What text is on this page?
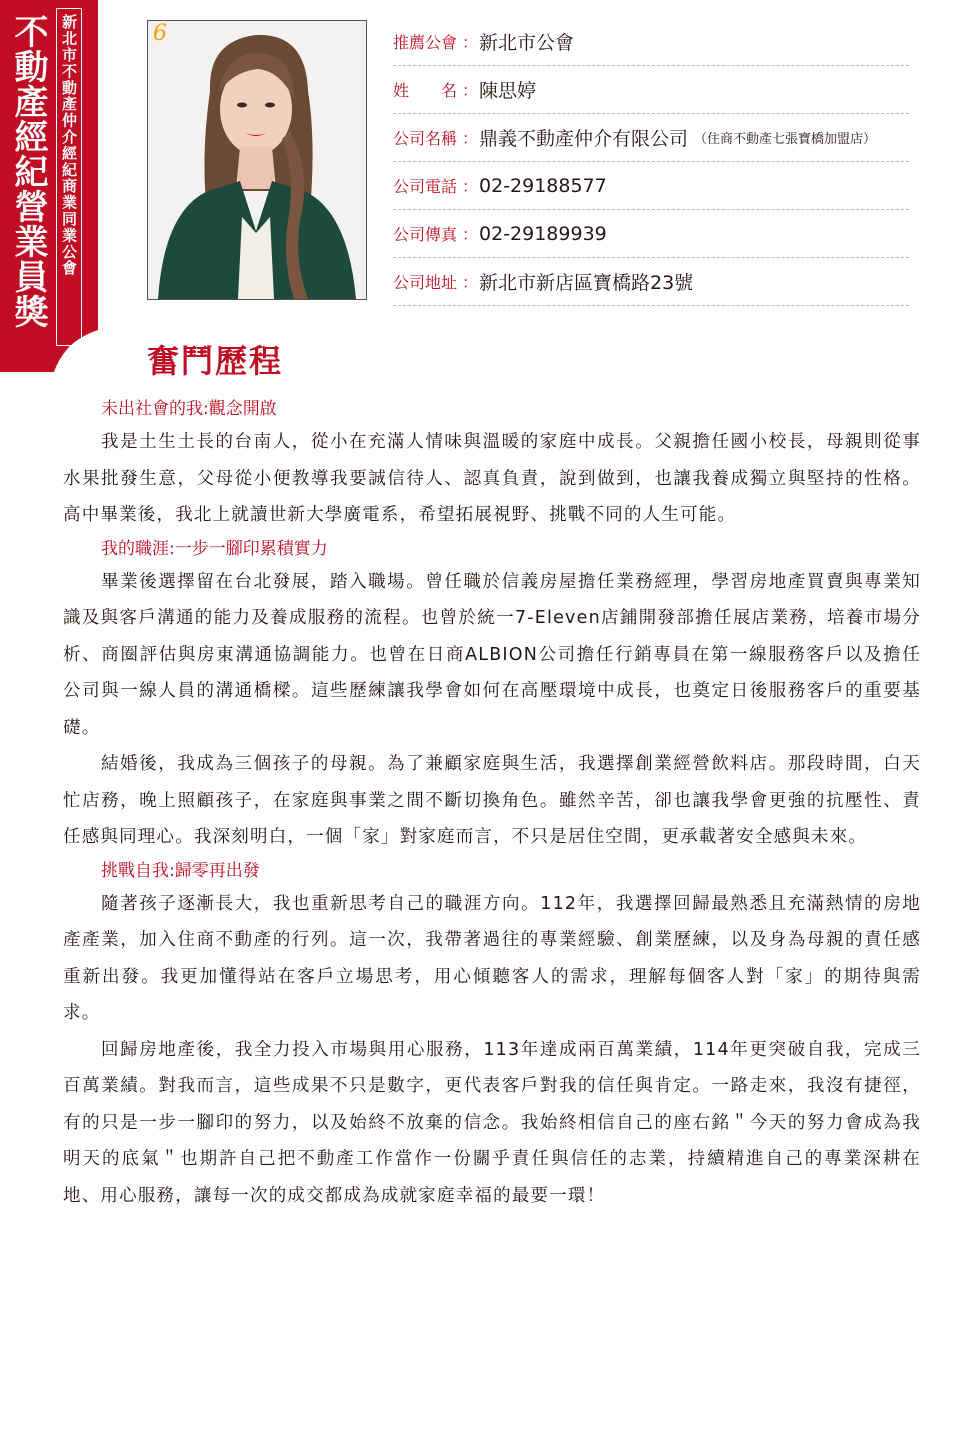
不動產經紀營業員獎 新北市不動產仲介經紀商業同業公會	6	推薦公會 ： 新北市公會
姓　　名 ： 陳思婷
公司名稱 ： 鼎義不動產仲介有限公司 （住商不動產七張寶橋加盟店）
公司電話 ： 02-29188577
公司傳真 ： 02-29189939
公司地址 ： 新北市新店區寶橋路23號
奮鬥歷程
未出社會的我:觀念開啟

我是土生土長的台南人，從小在充滿人情味與溫暖的家庭中成長。父親擔任國小校長，母親則從事水果批發生意，父母從小便教導我要誠信待人、認真負責，說到做到，也讓我養成獨立與堅持的性格。高中畢業後，我北上就讀世新大學廣電系，希望拓展視野、挑戰不同的人生可能。

我的職涯:一步一腳印累積實力

畢業後選擇留在台北發展，踏入職場。曾任職於信義房屋擔任業務經理，學習房地產買賣與專業知識及與客戶溝通的能力及養成服務的流程。也曾於統一7-Eleven店鋪開發部擔任展店業務，培養市場分析、商圈評估與房東溝通協調能力。也曾在日商ALBION公司擔任行銷專員在第一線服務客戶以及擔任公司與一線人員的溝通橋樑。這些歷練讓我學會如何在高壓環境中成長，也奠定日後服務客戶的重要基礎。

結婚後，我成為三個孩子的母親。為了兼顧家庭與生活，我選擇創業經營飲料店。那段時間，白天忙店務，晚上照顧孩子，在家庭與事業之間不斷切換角色。雖然辛苦，卻也讓我學會更強的抗壓性、責任感與同理心。我深刻明白，一個「家」對家庭而言，不只是居住空間，更承載著安全感與未來。

挑戰自我:歸零再出發

隨著孩子逐漸長大，我也重新思考自己的職涯方向。112年，我選擇回歸最熟悉且充滿熱情的房地產產業，加入住商不動產的行列。這一次，我帶著過往的專業經驗、創業歷練，以及身為母親的責任感重新出發。我更加懂得站在客戶立場思考，用心傾聽客人的需求，理解每個客人對「家」的期待與需求。

回歸房地產後，我全力投入市場與用心服務，113年達成兩百萬業績，114年更突破自我，完成三百萬業績。對我而言，這些成果不只是數字，更代表客戶對我的信任與肯定。一路走來，我沒有捷徑，有的只是一步一腳印的努力，以及始終不放棄的信念。我始終相信自己的座右銘＂今天的努力會成為我明天的底氣＂也期許自己把不動產工作當作一份關乎責任與信任的志業，持續精進自己的專業深耕在地、用心服務，讓每一次的成交都成為成就家庭幸福的最要一環！
